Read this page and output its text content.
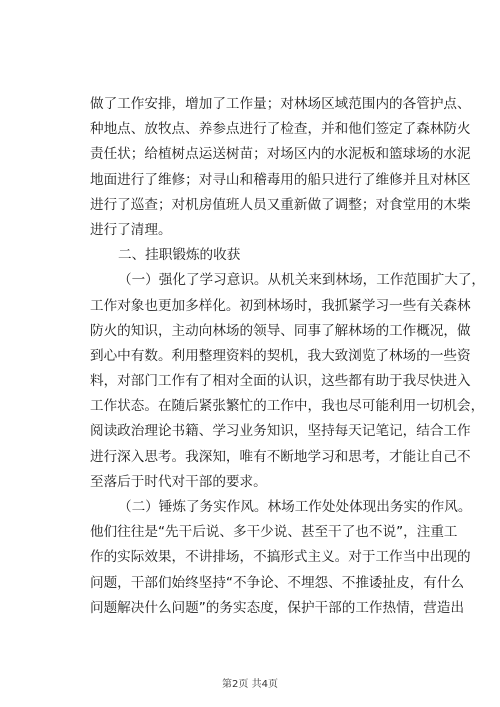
做了工作安排，增加了工作量；对林场区域范围内的各管护点、
种地点、放牧点、养参点进行了检查，并和他们签定了森林防火
责任状；给植树点运送树苗；对场区内的水泥板和篮球场的水泥
地面进行了维修；对寻山和稽毒用的船只进行了维修并且对林区
进行了巡查；对机房值班人员又重新做了调整；对食堂用的木柴
进行了清理。
二、挂职锻炼的收获
（一）强化了学习意识。从机关来到林场，工作范围扩大了，
工作对象也更加多样化。初到林场时，我抓紧学习一些有关森林
防火的知识，主动向林场的领导、同事了解林场的工作概况，做
到心中有数。利用整理资料的契机，我大致浏览了林场的一些资
料，对部门工作有了相对全面的认识，这些都有助于我尽快进入
工作状态。在随后紧张繁忙的工作中，我也尽可能利用一切机会，
阅读政治理论书籍、学习业务知识，坚持每天记笔记，结合工作
进行深入思考。我深知，唯有不断地学习和思考，才能让自己不
至落后于时代对干部的要求。
（二）锤炼了务实作风。林场工作处处体现出务实的作风。
他们往往是“先干后说、多干少说、甚至干了也不说”，注重工
作的实际效果，不讲排场，不搞形式主义。对于工作当中出现的
问题，干部们始终坚持“不争论、不埋怨、不推诿扯皮，有什么
问题解决什么问题”的务实态度，保护干部的工作热情，营造出
第2页 共4页
